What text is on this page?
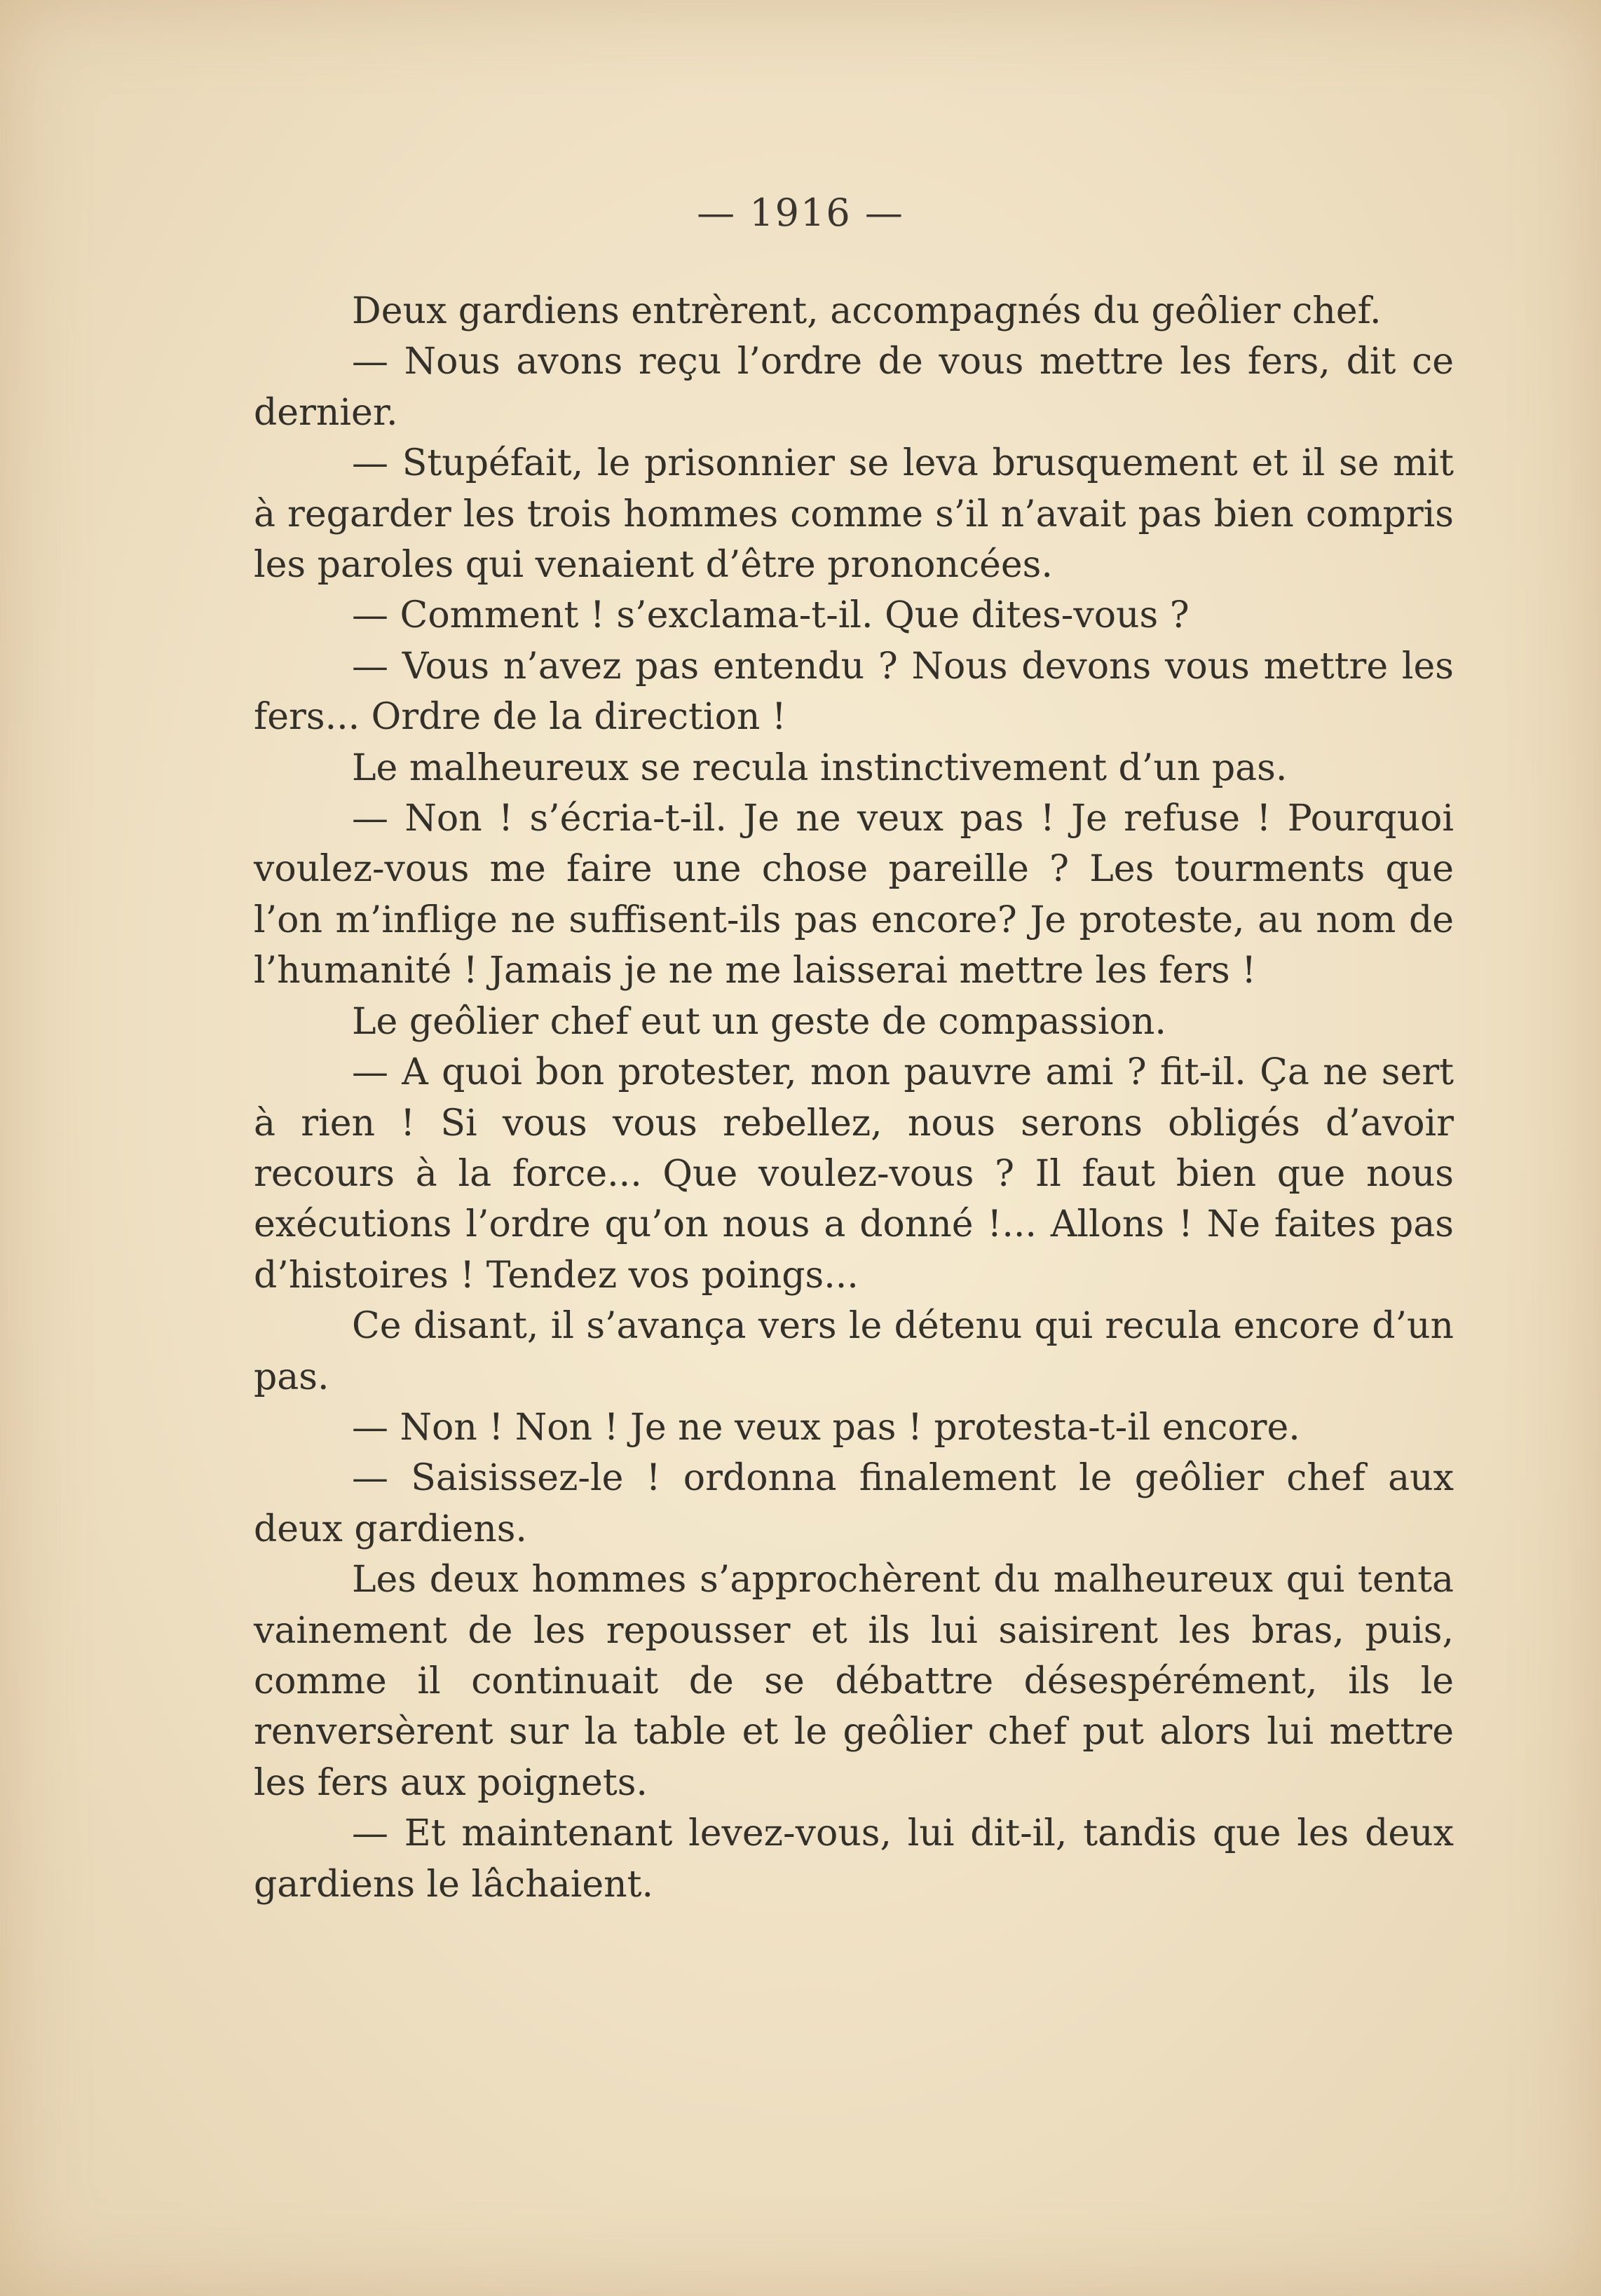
— 1916 —

Deux gardiens entrèrent, accompagnés du geôlier chef.

— Nous avons reçu l’ordre de vous mettre les fers, dit ce dernier.

— Stupéfait, le prisonnier se leva brusquement et il se mit à regarder les trois hommes comme s’il n’avait pas bien compris les paroles qui venaient d’être prononcées.

— Comment ! s’exclama-t-il. Que dites-vous ?

— Vous n’avez pas entendu ? Nous devons vous mettre les fers... Ordre de la direction !

Le malheureux se recula instinctivement d’un pas.

— Non ! s’écria-t-il. Je ne veux pas ! Je refuse ! Pourquoi voulez-vous me faire une chose pareille ? Les tourments que l’on m’inflige ne suffisent-ils pas encore? Je proteste, au nom de l’humanité ! Jamais je ne me laisserai mettre les fers !

Le geôlier chef eut un geste de compassion.

— A quoi bon protester, mon pauvre ami ? fit-il. Ça ne sert à rien ! Si vous vous rebellez, nous serons obligés d’avoir recours à la force... Que voulez-vous ? Il faut bien que nous exécutions l’ordre qu’on nous a donné !... Allons ! Ne faites pas d’histoires ! Tendez vos poings...

Ce disant, il s’avança vers le détenu qui recula encore d’un pas.

— Non ! Non ! Je ne veux pas ! protesta-t-il encore.

— Saisissez-le ! ordonna finalement le geôlier chef aux deux gardiens.

Les deux hommes s’approchèrent du malheureux qui tenta vainement de les repousser et ils lui saisirent les bras, puis, comme il continuait de se débattre désespérément, ils le renversèrent sur la table et le geôlier chef put alors lui mettre les fers aux poignets.

— Et maintenant levez-vous, lui dit-il, tandis que les deux gardiens le lâchaient.
